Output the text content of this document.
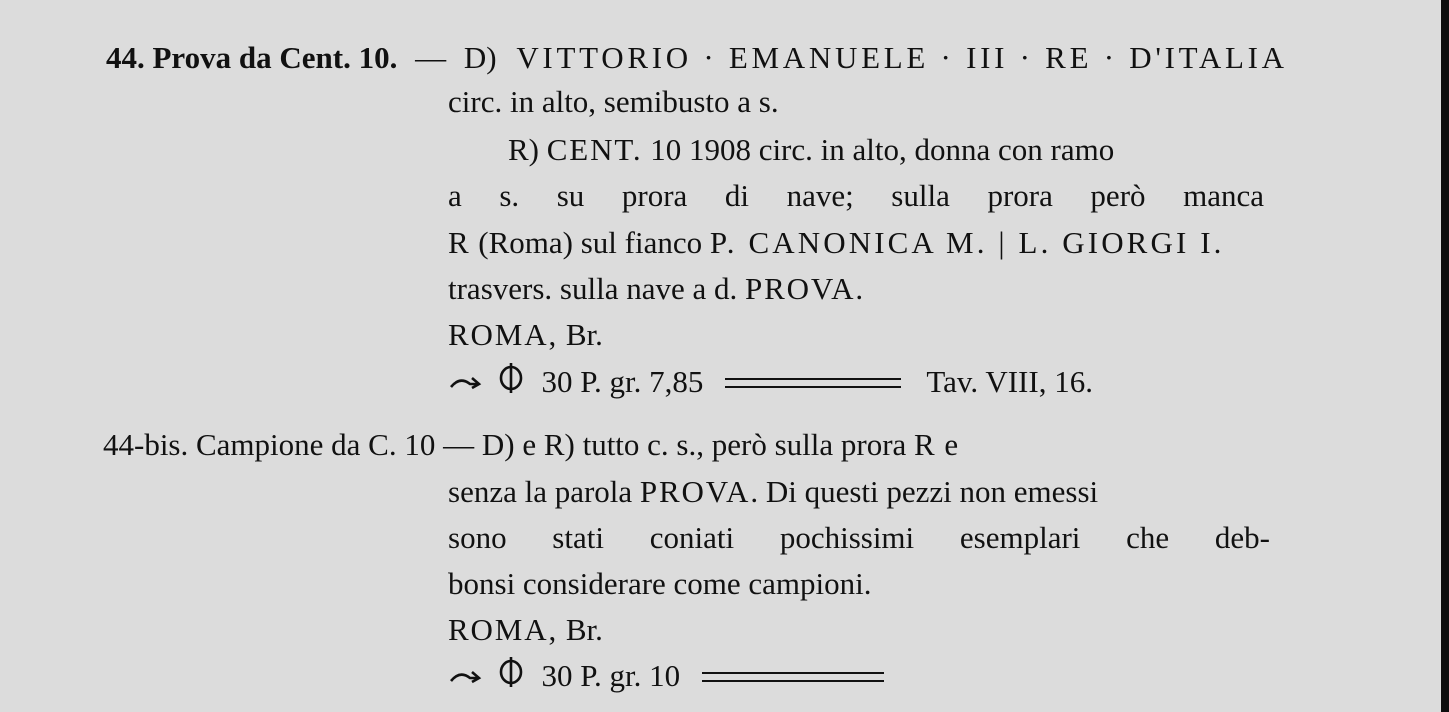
44. Prova da Cent. 10. — D) VITTORIO · EMANUELE · III · RE · D'ITALIA
circ. in alto, semibusto a s.
R) CENT. 10 1908 circ. in alto, donna con ramo
a s. su prora di nave; sulla prora però manca
R (Roma) sul fianco P. CANONICA M. | L. GIORGI I.
trasvers. sulla nave a d. PROVA.
ROMA, Br.
30 P. gr. 7,85	Tav. VIII, 16.
44-bis. Campione da C. 10 — D) e R) tutto c. s., però sulla prora R e
senza la parola PROVA. Di questi pezzi non emessi
sono stati coniati pochissimi esemplari che deb-
bonsi considerare come campioni.
ROMA, Br.
30 P. gr. 10
